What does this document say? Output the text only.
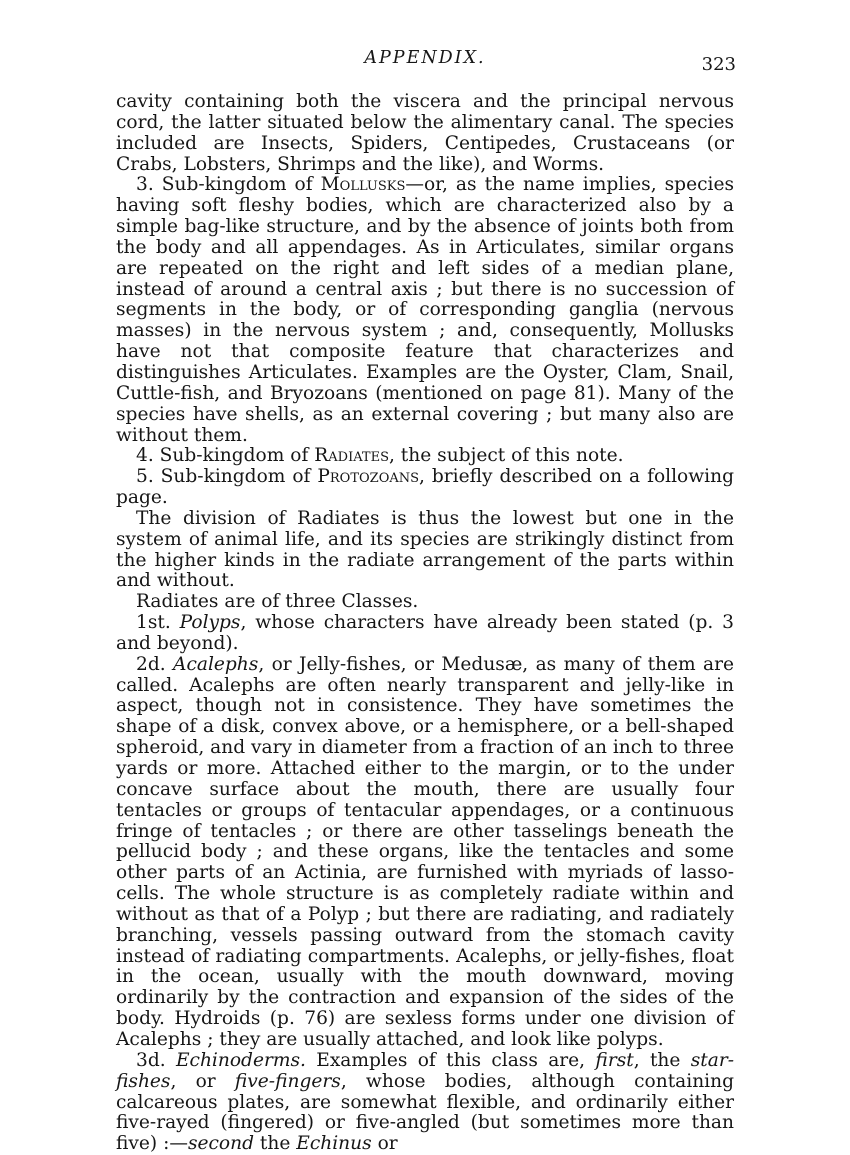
APPENDIX.	323

cavity containing both the viscera and the principal nervous cord, the latter situated below the alimentary canal. The species included are Insects, Spiders, Centipedes, Crustaceans (or Crabs, Lobsters, Shrimps and the like), and Worms.

3. Sub-kingdom of Mollusks—or, as the name implies, species having soft fleshy bodies, which are characterized also by a simple bag-like structure, and by the absence of joints both from the body and all appendages. As in Articulates, similar organs are repeated on the right and left sides of a median plane, instead of around a central axis ; but there is no succession of segments in the body, or of corresponding ganglia (nervous masses) in the nervous system ; and, consequently, Mollusks have not that composite feature that characterizes and distinguishes Articulates. Examples are the Oyster, Clam, Snail, Cuttle-fish, and Bryozoans (mentioned on page 81). Many of the species have shells, as an external covering ; but many also are without them.

4. Sub-kingdom of Radiates, the subject of this note.

5. Sub-kingdom of Protozoans, briefly described on a following page.

The division of Radiates is thus the lowest but one in the system of animal life, and its species are strikingly distinct from the higher kinds in the radiate arrangement of the parts within and without.

Radiates are of three Classes.

1st. Polyps, whose characters have already been stated (p. 3 and beyond).

2d. Acalephs, or Jelly-fishes, or Medusæ, as many of them are called. Acalephs are often nearly transparent and jelly-like in aspect, though not in consistence. They have sometimes the shape of a disk, convex above, or a hemisphere, or a bell-shaped spheroid, and vary in diameter from a fraction of an inch to three yards or more. Attached either to the margin, or to the under concave surface about the mouth, there are usually four tentacles or groups of tentacular appendages, or a continuous fringe of tentacles ; or there are other tasselings beneath the pellucid body ; and these organs, like the tentacles and some other parts of an Actinia, are furnished with myriads of lasso-cells. The whole structure is as completely radiate within and without as that of a Polyp ; but there are radiating, and radiately branching, vessels passing outward from the stomach cavity instead of radiating compartments. Acalephs, or jelly-fishes, float in the ocean, usually with the mouth downward, moving ordinarily by the contraction and expansion of the sides of the body. Hydroids (p. 76) are sexless forms under one division of Acalephs ; they are usually attached, and look like polyps.

3d. Echinoderms. Examples of this class are, first, the star-fishes, or five-fingers, whose bodies, although containing calcareous plates, are somewhat flexible, and ordinarily either five-rayed (fingered) or five-angled (but sometimes more than five) :—second the Echinus or
